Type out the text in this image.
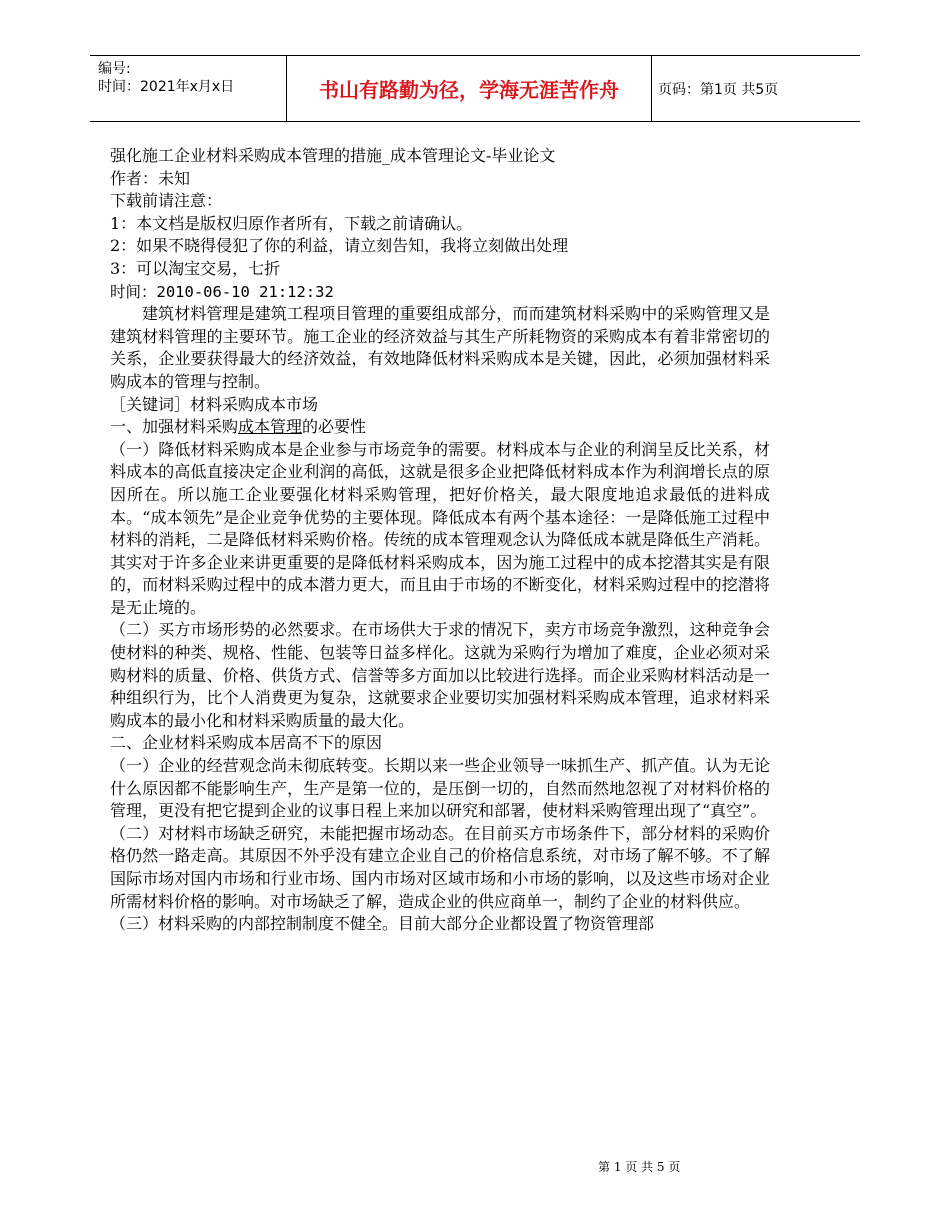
编号:
时间：2021年x月x日	书山有路勤为径，学海无涯苦作舟	页码：第1页 共5页

强化施工企业材料采购成本管理的措施_成本管理论文-毕业论文

作者：未知

下载前请注意：

1：本文档是版权归原作者所有，下载之前请确认。

2：如果不晓得侵犯了你的利益，请立刻告知，我将立刻做出处理

3：可以淘宝交易，七折

时间：2010-06-10 21:12:32

建筑材料管理是建筑工程项目管理的重要组成部分，而而建筑材料采购中的采购管理又是建筑材料管理的主要环节。施工企业的经济效益与其生产所耗物资的采购成本有着非常密切的关系，企业要获得最大的经济效益，有效地降低材料采购成本是关键，因此，必须加强材料采购成本的管理与控制。

［关键词］材料采购成本市场

一、加强材料采购成本管理的必要性

（一）降低材料采购成本是企业参与市场竞争的需要。材料成本与企业的利润呈反比关系，材料成本的高低直接决定企业利润的高低，这就是很多企业把降低材料成本作为利润增长点的原因所在。所以施工企业要强化材料采购管理，把好价格关，最大限度地追求最低的进料成本。“成本领先”是企业竞争优势的主要体现。降低成本有两个基本途径：一是降低施工过程中材料的消耗，二是降低材料采购价格。传统的成本管理观念认为降低成本就是降低生产消耗。其实对于许多企业来讲更重要的是降低材料采购成本，因为施工过程中的成本挖潜其实是有限的，而材料采购过程中的成本潜力更大，而且由于市场的不断变化，材料采购过程中的挖潜将是无止境的。

（二）买方市场形势的必然要求。在市场供大于求的情况下，卖方市场竞争激烈，这种竞争会使材料的种类、规格、性能、包装等日益多样化。这就为采购行为增加了难度，企业必须对采购材料的质量、价格、供货方式、信誉等多方面加以比较进行选择。而企业采购材料活动是一种组织行为，比个人消费更为复杂，这就要求企业要切实加强材料采购成本管理，追求材料采购成本的最小化和材料采购质量的最大化。

二、企业材料采购成本居高不下的原因

（一）企业的经营观念尚未彻底转变。长期以来一些企业领导一味抓生产、抓产值。认为无论什么原因都不能影响生产，生产是第一位的，是压倒一切的，自然而然地忽视了对材料价格的管理，更没有把它提到企业的议事日程上来加以研究和部署，使材料采购管理出现了“真空”。

（二）对材料市场缺乏研究，未能把握市场动态。在目前买方市场条件下，部分材料的采购价格仍然一路走高。其原因不外乎没有建立企业自己的价格信息系统，对市场了解不够。不了解国际市场对国内市场和行业市场、国内市场对区域市场和小市场的影响，以及这些市场对企业所需材料价格的影响。对市场缺乏了解，造成企业的供应商单一，制约了企业的材料供应。

（三）材料采购的内部控制制度不健全。目前大部分企业都设置了物资管理部

第 1 页 共 5 页
